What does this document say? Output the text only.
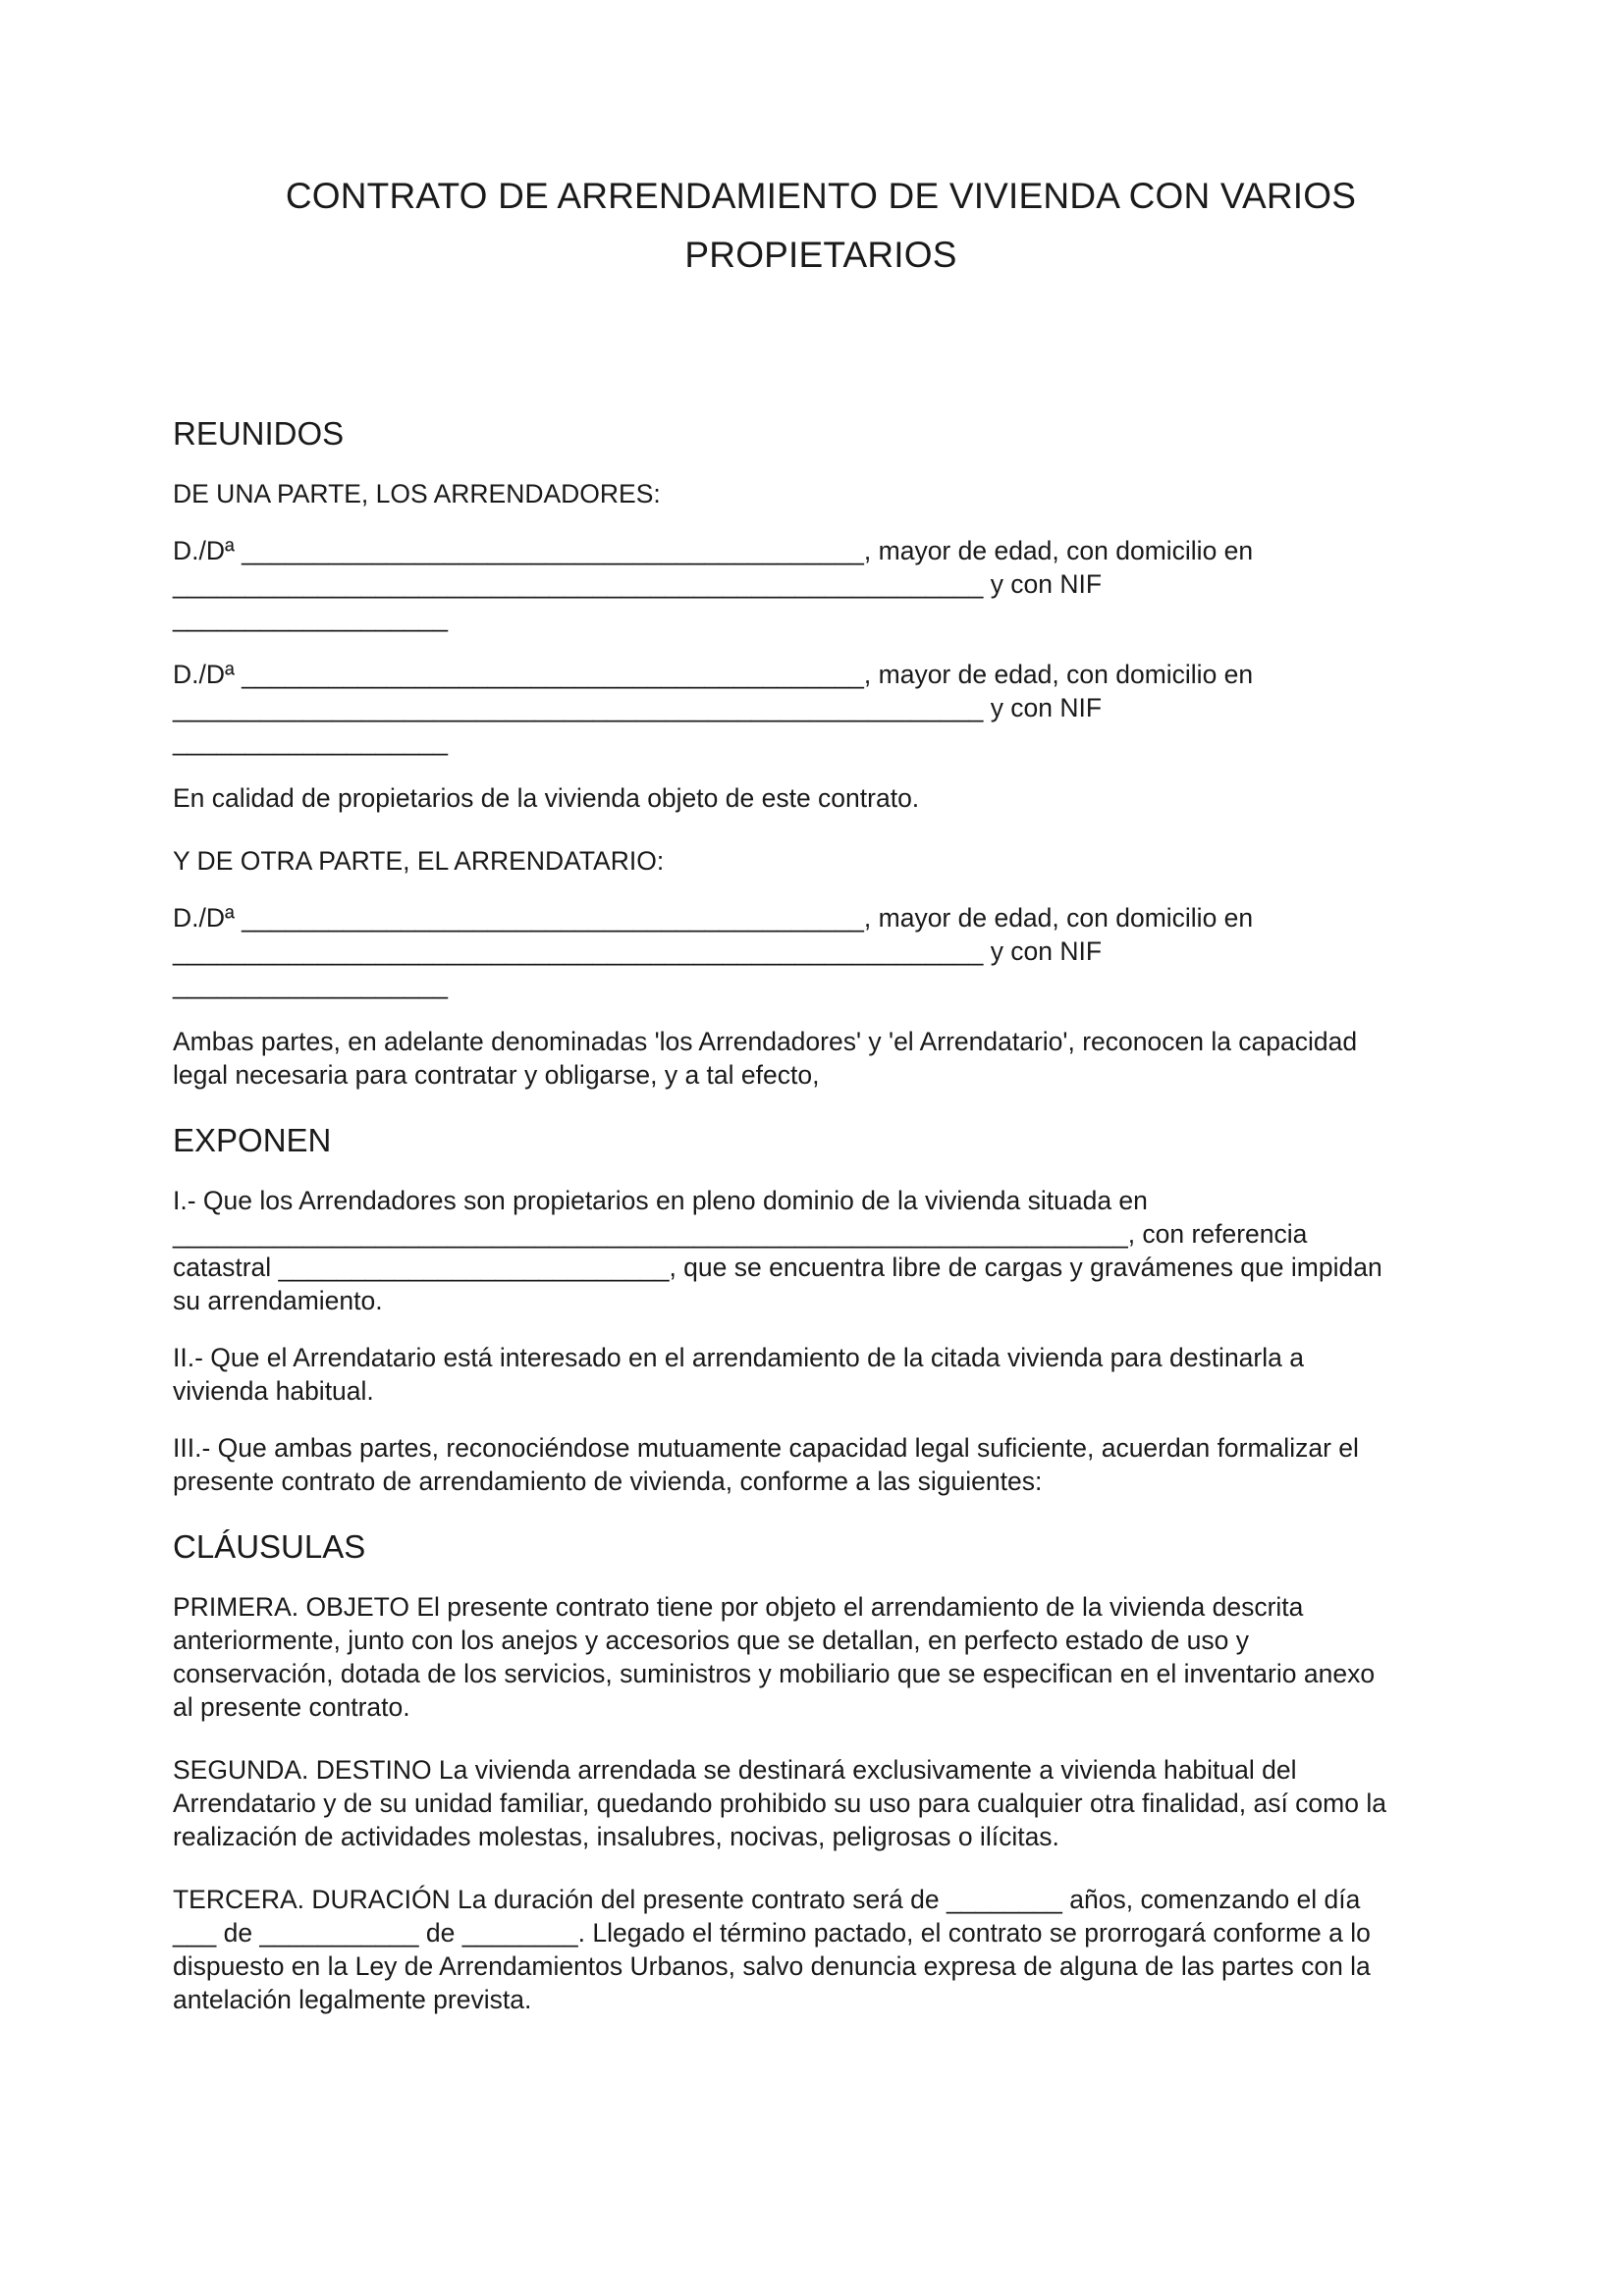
CONTRATO DE ARRENDAMIENTO DE VIVIENDA CON VARIOS
PROPIETARIOS
REUNIDOS

DE UNA PARTE, LOS ARRENDADORES:

D./Dª ___________________________________________, mayor de edad, con domicilio en
________________________________________________________ y con NIF
___________________

D./Dª ___________________________________________, mayor de edad, con domicilio en
________________________________________________________ y con NIF
___________________

En calidad de propietarios de la vivienda objeto de este contrato.

Y DE OTRA PARTE, EL ARRENDATARIO:

D./Dª ___________________________________________, mayor de edad, con domicilio en
________________________________________________________ y con NIF
___________________

Ambas partes, en adelante denominadas 'los Arrendadores' y 'el Arrendatario', reconocen la capacidad
legal necesaria para contratar y obligarse, y a tal efecto,

EXPONEN

I.- Que los Arrendadores son propietarios en pleno dominio de la vivienda situada en
__________________________________________________________________, con referencia
catastral ___________________________, que se encuentra libre de cargas y gravámenes que impidan
su arrendamiento.

II.- Que el Arrendatario está interesado en el arrendamiento de la citada vivienda para destinarla a
vivienda habitual.

III.- Que ambas partes, reconociéndose mutuamente capacidad legal suficiente, acuerdan formalizar el
presente contrato de arrendamiento de vivienda, conforme a las siguientes:

CLÁUSULAS

PRIMERA. OBJETO El presente contrato tiene por objeto el arrendamiento de la vivienda descrita
anteriormente, junto con los anejos y accesorios que se detallan, en perfecto estado de uso y
conservación, dotada de los servicios, suministros y mobiliario que se especifican en el inventario anexo
al presente contrato.

SEGUNDA. DESTINO La vivienda arrendada se destinará exclusivamente a vivienda habitual del
Arrendatario y de su unidad familiar, quedando prohibido su uso para cualquier otra finalidad, así como la
realización de actividades molestas, insalubres, nocivas, peligrosas o ilícitas.

TERCERA. DURACIÓN La duración del presente contrato será de ________ años, comenzando el día
___ de ___________ de ________. Llegado el término pactado, el contrato se prorrogará conforme a lo
dispuesto en la Ley de Arrendamientos Urbanos, salvo denuncia expresa de alguna de las partes con la
antelación legalmente prevista.
